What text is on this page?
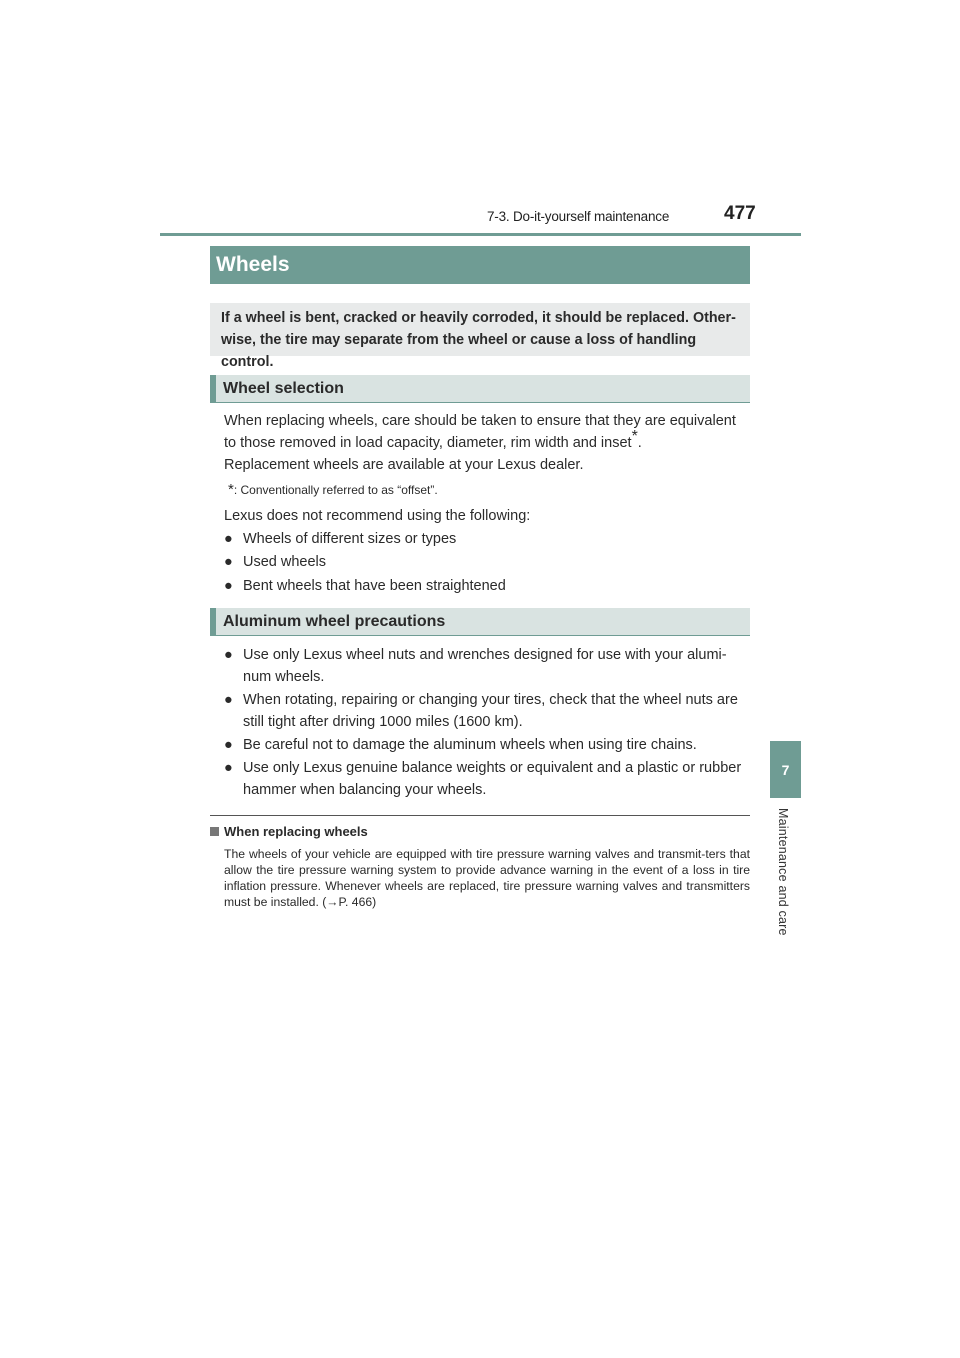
7-3. Do-it-yourself maintenance	477
7
Maintenance and care
Wheels
If a wheel is bent, cracked or heavily corroded, it should be replaced. Other-
wise, the tire may separate from the wheel or cause a loss of handling control.
Wheel selection
When replacing wheels, care should be taken to ensure that they are equivalent
to those removed in load capacity, diameter, rim width and inset*.
Replacement wheels are available at your Lexus dealer.
*: Conventionally referred to as “offset”.
Lexus does not recommend using the following:
● Wheels of different sizes or types
● Used wheels
● Bent wheels that have been straightened
Aluminum wheel precautions
● Use only Lexus wheel nuts and wrenches designed for use with your alumi-
num wheels.
● When rotating, repairing or changing your tires, check that the wheel nuts are
still tight after driving 1000 miles (1600 km).
● Be careful not to damage the aluminum wheels when using tire chains.
● Use only Lexus genuine balance weights or equivalent and a plastic or rubber
hammer when balancing your wheels.
When replacing wheels
The wheels of your vehicle are equipped with tire pressure warning valves and transmit-ters that allow the tire pressure warning system to provide advance warning in the event of a loss in tire inflation pressure. Whenever wheels are replaced, tire pressure warning valves and transmitters must be installed. (→P. 466)
